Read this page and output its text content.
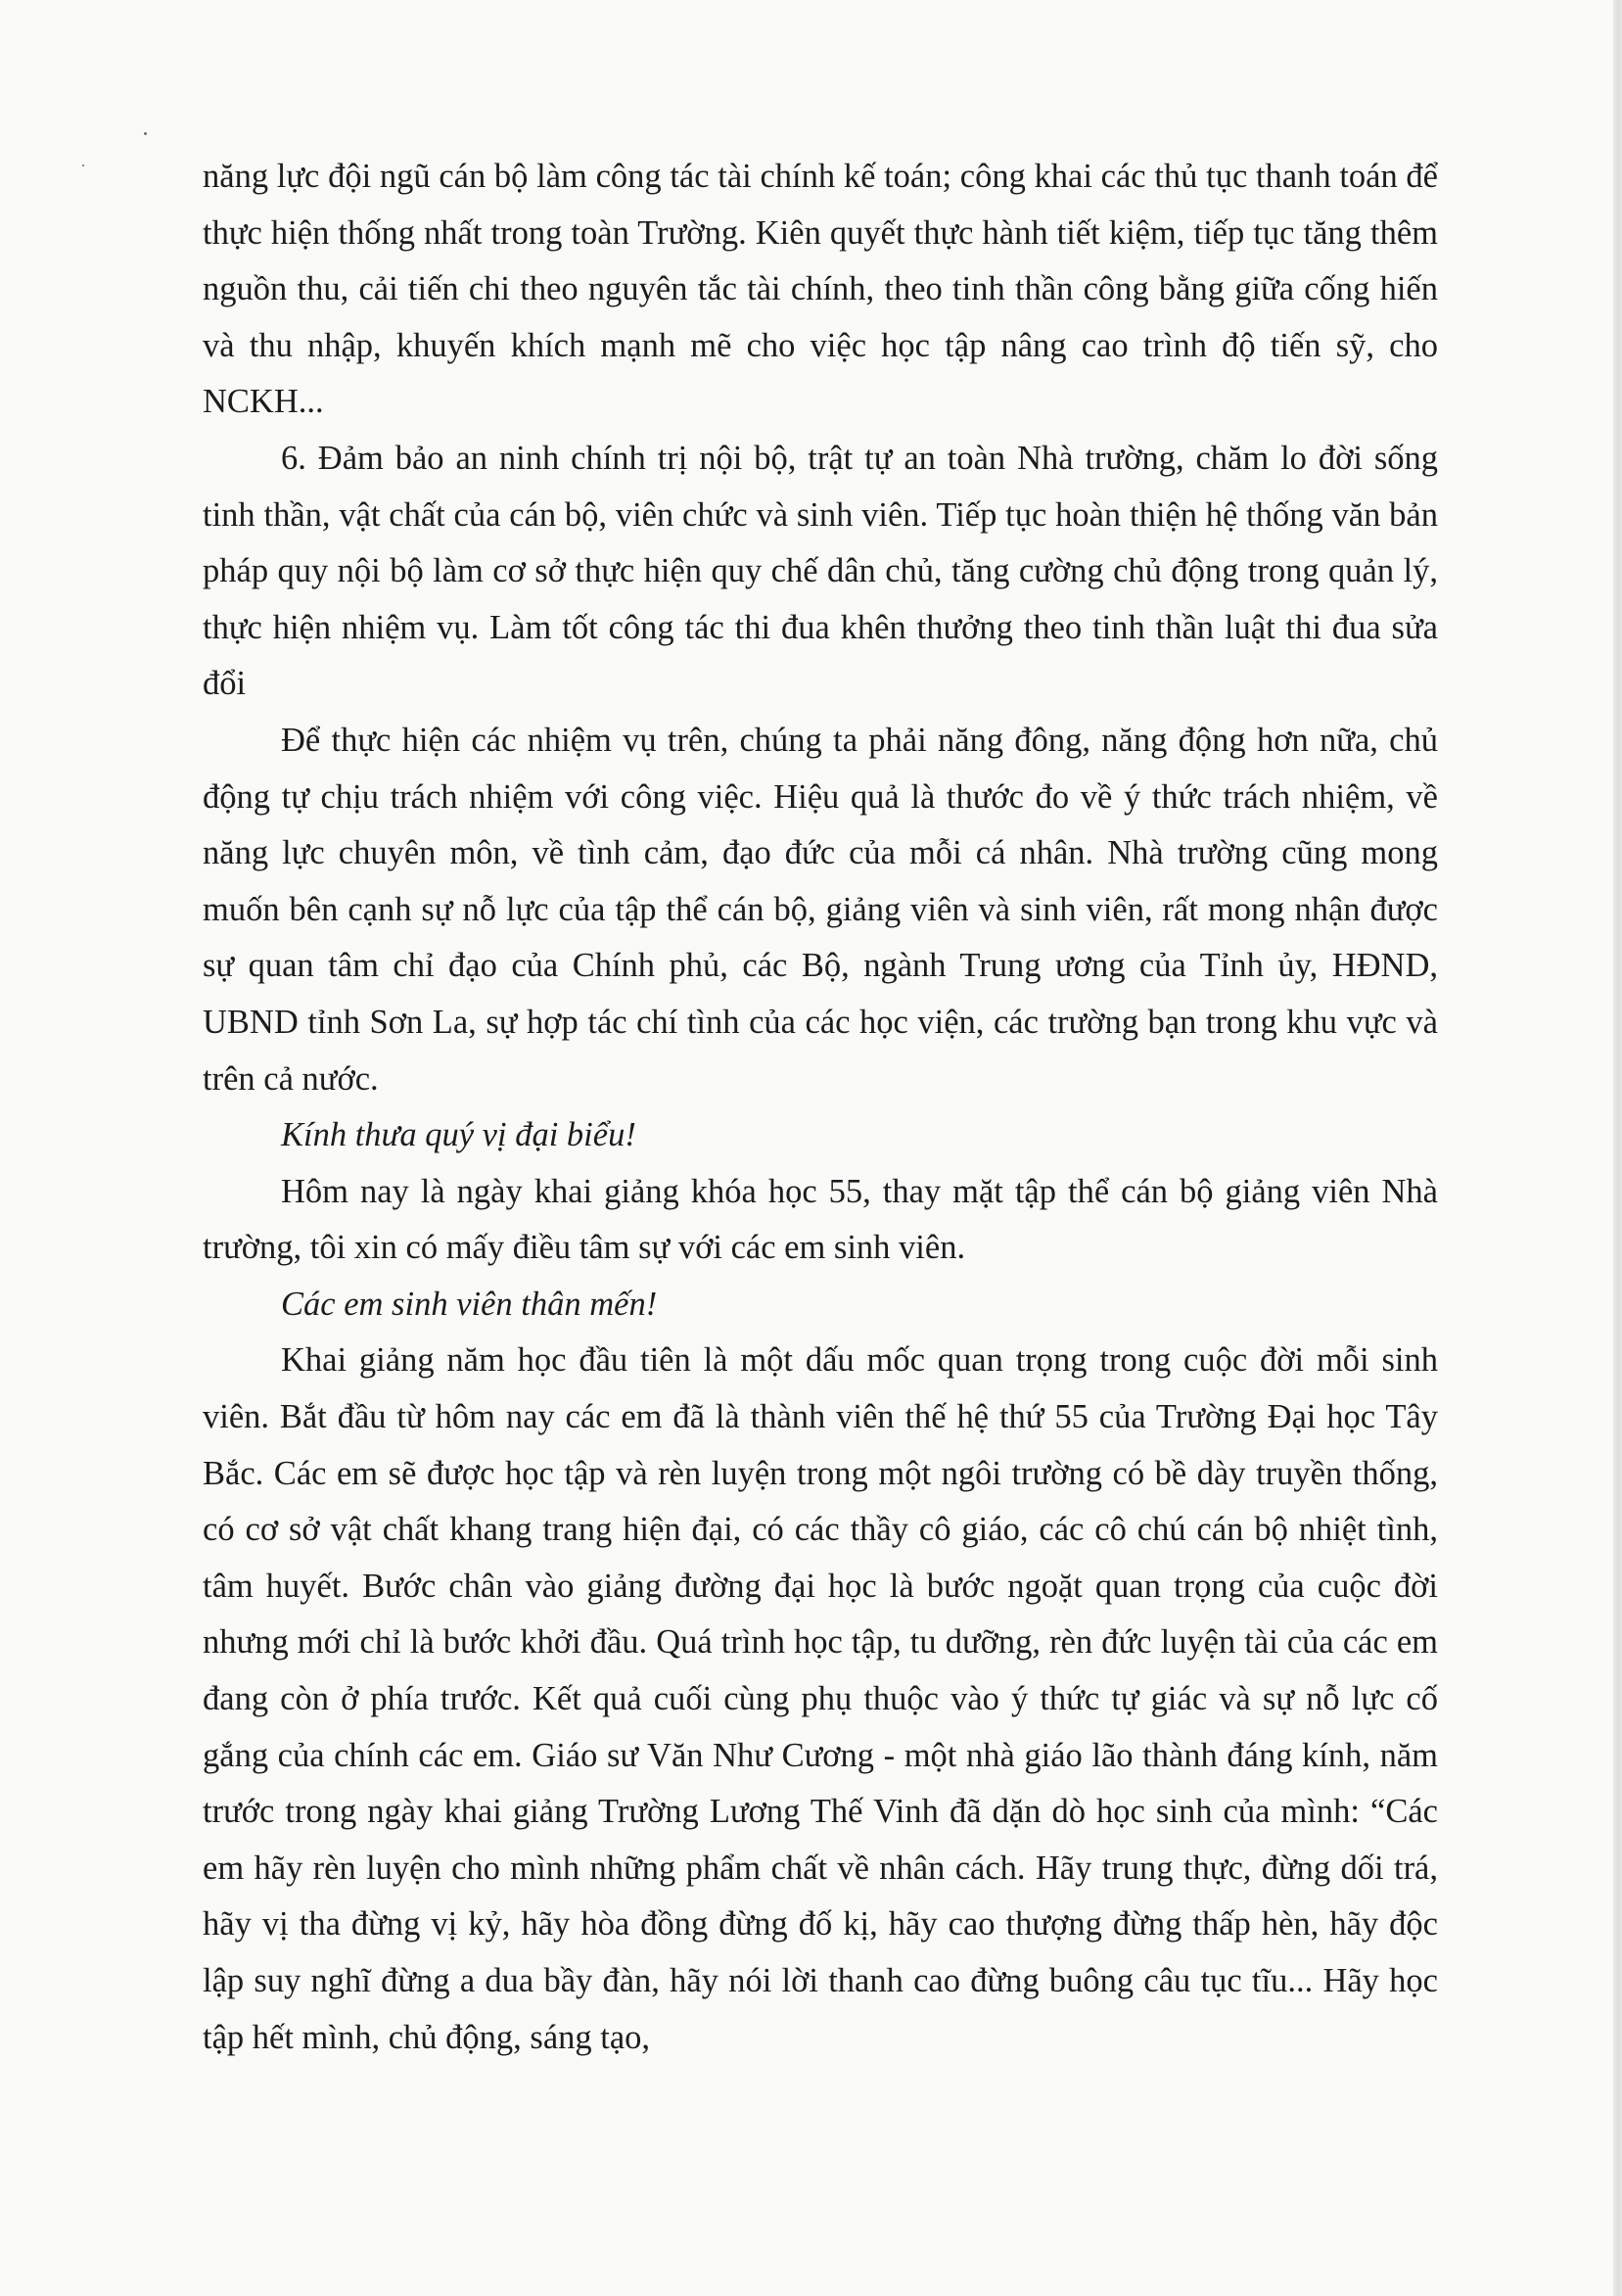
năng lực đội ngũ cán bộ làm công tác tài chính kế toán; công khai các thủ tục thanh toán để thực hiện thống nhất trong toàn Trường. Kiên quyết thực hành tiết kiệm, tiếp tục tăng thêm nguồn thu, cải tiến chi theo nguyên tắc tài chính, theo tinh thần công bằng giữa cống hiến và thu nhập, khuyến khích mạnh mẽ cho việc học tập nâng cao trình độ tiến sỹ, cho NCKH...

6. Đảm bảo an ninh chính trị nội bộ, trật tự an toàn Nhà trường, chăm lo đời sống tinh thần, vật chất của cán bộ, viên chức và sinh viên. Tiếp tục hoàn thiện hệ thống văn bản pháp quy nội bộ làm cơ sở thực hiện quy chế dân chủ, tăng cường chủ động trong quản lý, thực hiện nhiệm vụ. Làm tốt công tác thi đua khên thưởng theo tinh thần luật thi đua sửa đổi

Để thực hiện các nhiệm vụ trên, chúng ta phải năng đông, năng động hơn nữa, chủ động tự chịu trách nhiệm với công việc. Hiệu quả là thước đo về ý thức trách nhiệm, về năng lực chuyên môn, về tình cảm, đạo đức của mỗi cá nhân. Nhà trường cũng mong muốn bên cạnh sự nỗ lực của tập thể cán bộ, giảng viên và sinh viên, rất mong nhận được sự quan tâm chỉ đạo của Chính phủ, các Bộ, ngành Trung ương của Tỉnh ủy, HĐND, UBND tỉnh Sơn La, sự hợp tác chí tình của các học viện, các trường bạn trong khu vực và trên cả nước.

Kính thưa quý vị đại biểu!

Hôm nay là ngày khai giảng khóa học 55, thay mặt tập thể cán bộ giảng viên Nhà trường, tôi xin có mấy điều tâm sự với các em sinh viên.

Các em sinh viên thân mến!

Khai giảng năm học đầu tiên là một dấu mốc quan trọng trong cuộc đời mỗi sinh viên. Bắt đầu từ hôm nay các em đã là thành viên thế hệ thứ 55 của Trường Đại học Tây Bắc. Các em sẽ được học tập và rèn luyện trong một ngôi trường có bề dày truyền thống, có cơ sở vật chất khang trang hiện đại, có các thầy cô giáo, các cô chú cán bộ nhiệt tình, tâm huyết. Bước chân vào giảng đường đại học là bước ngoặt quan trọng của cuộc đời nhưng mới chỉ là bước khởi đầu. Quá trình học tập, tu dưỡng, rèn đức luyện tài của các em đang còn ở phía trước. Kết quả cuối cùng phụ thuộc vào ý thức tự giác và sự nỗ lực cố gắng của chính các em. Giáo sư Văn Như Cương - một nhà giáo lão thành đáng kính, năm trước trong ngày khai giảng Trường Lương Thế Vinh đã dặn dò học sinh của mình: “Các em hãy rèn luyện cho mình những phẩm chất về nhân cách. Hãy trung thực, đừng dối trá, hãy vị tha đừng vị kỷ, hãy hòa đồng đừng đố kị, hãy cao thượng đừng thấp hèn, hãy độc lập suy nghĩ đừng a dua bầy đàn, hãy nói lời thanh cao đừng buông câu tục tĩu... Hãy học tập hết mình, chủ động, sáng tạo,
